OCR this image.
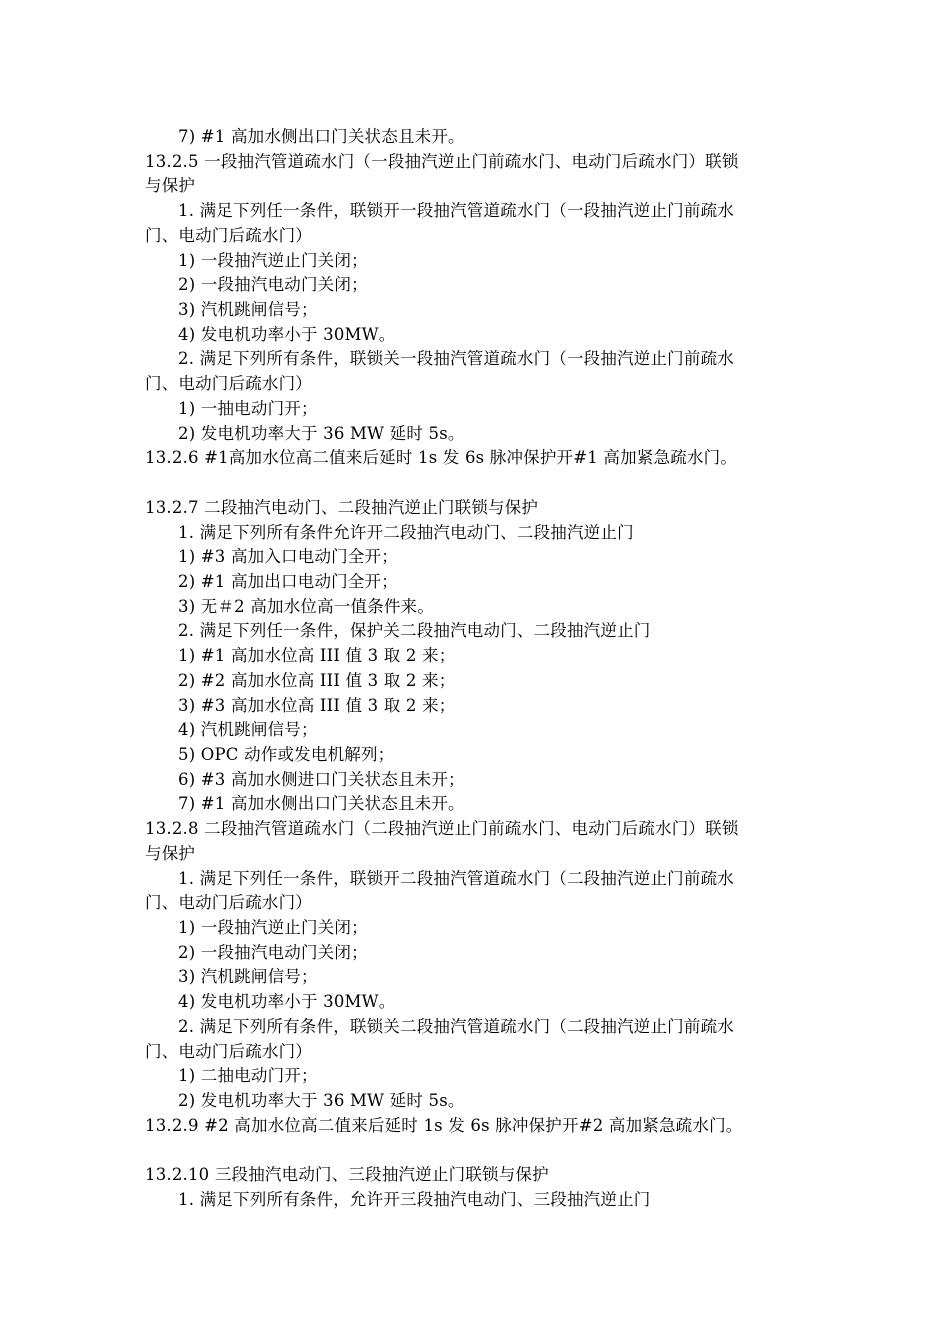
7) #1 高加水侧出口门关状态且未开。
13.2.5 一段抽汽管道疏水门（一段抽汽逆止门前疏水门、电动门后疏水门）联锁
与保护
1. 满足下列任一条件，联锁开一段抽汽管道疏水门（一段抽汽逆止门前疏水
门、电动门后疏水门）
1) 一段抽汽逆止门关闭；
2) 一段抽汽电动门关闭；
3) 汽机跳闸信号；
4) 发电机功率小于 30MW。
2. 满足下列所有条件，联锁关一段抽汽管道疏水门（一段抽汽逆止门前疏水
门、电动门后疏水门）
1) 一抽电动门开；
2) 发电机功率大于 36 MW 延时 5s。
13.2.6 #1高加水位高二值来后延时 1s 发 6s 脉冲保护开#1 高加紧急疏水门。
13.2.7 二段抽汽电动门、二段抽汽逆止门联锁与保护
1. 满足下列所有条件允许开二段抽汽电动门、二段抽汽逆止门
1) #3 高加入口电动门全开；
2) #1 高加出口电动门全开；
3) 无＃2 高加水位高一值条件来。
2. 满足下列任一条件，保护关二段抽汽电动门、二段抽汽逆止门
1) #1 高加水位高 III 值 3 取 2 来；
2) #2 高加水位高 III 值 3 取 2 来；
3) #3 高加水位高 III 值 3 取 2 来；
4) 汽机跳闸信号；
5) OPC 动作或发电机解列；
6) #3 高加水侧进口门关状态且未开；
7) #1 高加水侧出口门关状态且未开。
13.2.8 二段抽汽管道疏水门（二段抽汽逆止门前疏水门、电动门后疏水门）联锁
与保护
1. 满足下列任一条件，联锁开二段抽汽管道疏水门（二段抽汽逆止门前疏水
门、电动门后疏水门）
1) 一段抽汽逆止门关闭；
2) 一段抽汽电动门关闭；
3) 汽机跳闸信号；
4) 发电机功率小于 30MW。
2. 满足下列所有条件，联锁关二段抽汽管道疏水门（二段抽汽逆止门前疏水
门、电动门后疏水门）
1) 二抽电动门开；
2) 发电机功率大于 36 MW 延时 5s。
13.2.9 #2 高加水位高二值来后延时 1s 发 6s 脉冲保护开#2 高加紧急疏水门。
13.2.10 三段抽汽电动门、三段抽汽逆止门联锁与保护
1. 满足下列所有条件，允许开三段抽汽电动门、三段抽汽逆止门
